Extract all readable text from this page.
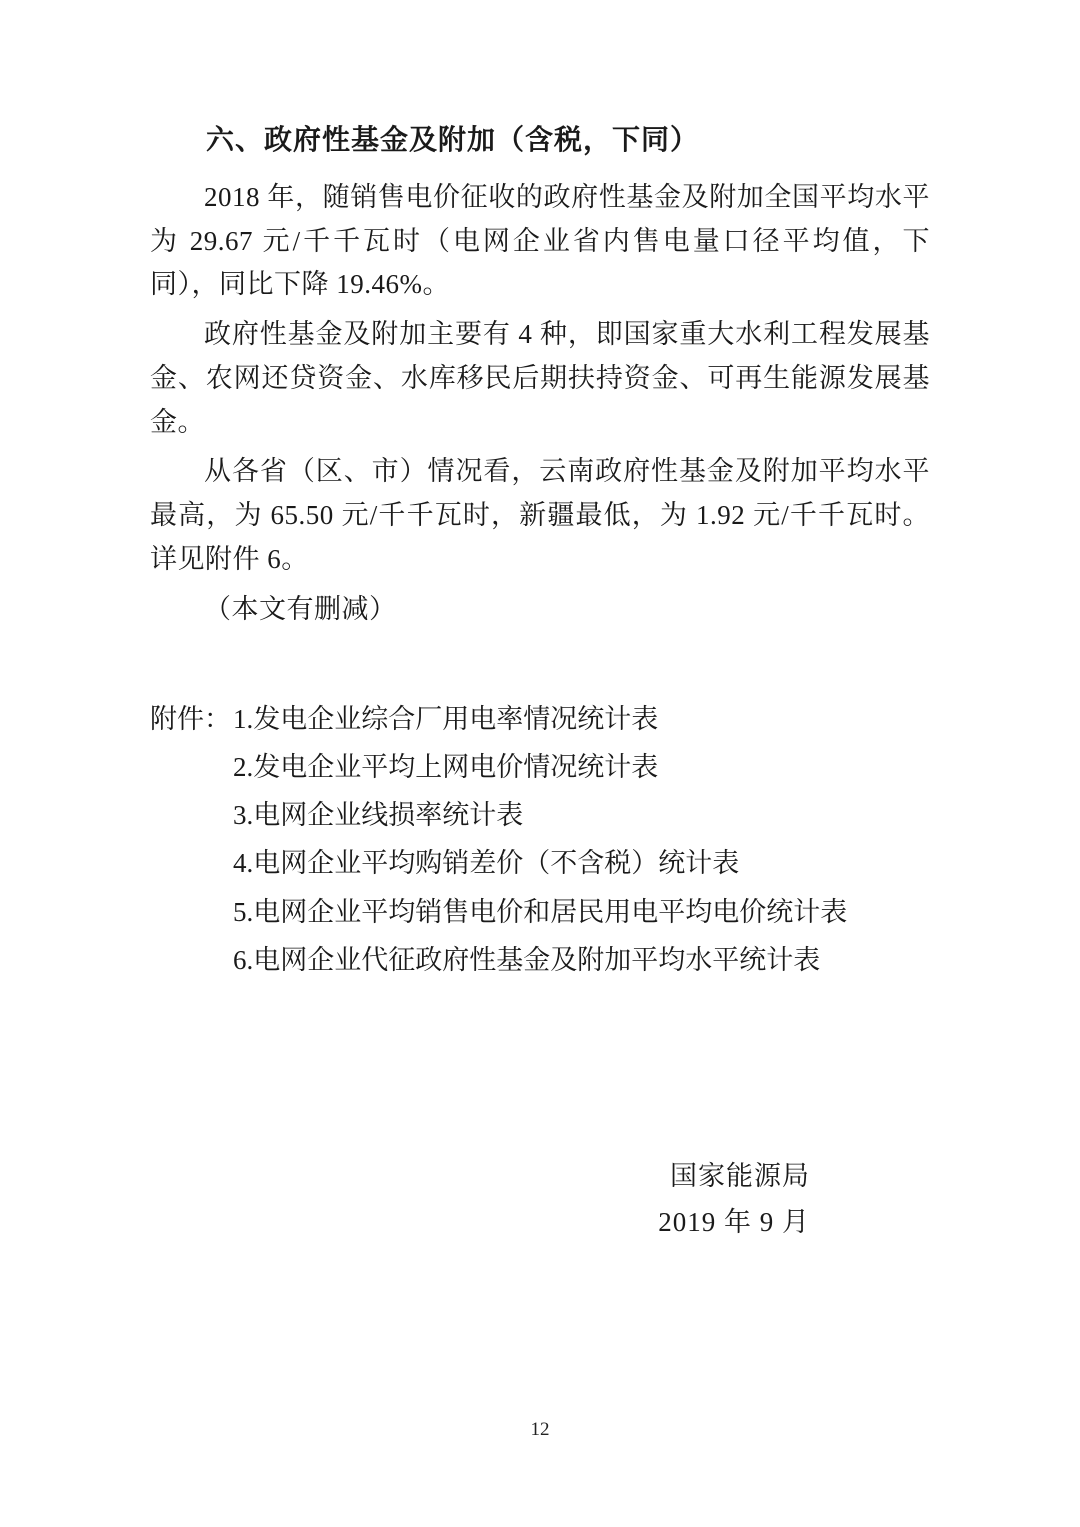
六、政府性基金及附加（含税，下同）

2018 年，随销售电价征收的政府性基金及附加全国平均水平为 29.67 元/千千瓦时（电网企业省内售电量口径平均值，下同），同比下降 19.46%。

政府性基金及附加主要有 4 种，即国家重大水利工程发展基金、农网还贷资金、水库移民后期扶持资金、可再生能源发展基金。

从各省（区、市）情况看，云南政府性基金及附加平均水平最高，为 65.50 元/千千瓦时，新疆最低，为 1.92 元/千千瓦时。详见附件 6。

（本文有删减）

附件： 1.发电企业综合厂用电率情况统计表
2.发电企业平均上网电价情况统计表
3.电网企业线损率统计表
4.电网企业平均购销差价（不含税）统计表
5.电网企业平均销售电价和居民用电平均电价统计表
6.电网企业代征政府性基金及附加平均水平统计表
国家能源局
2019 年 9 月
12
